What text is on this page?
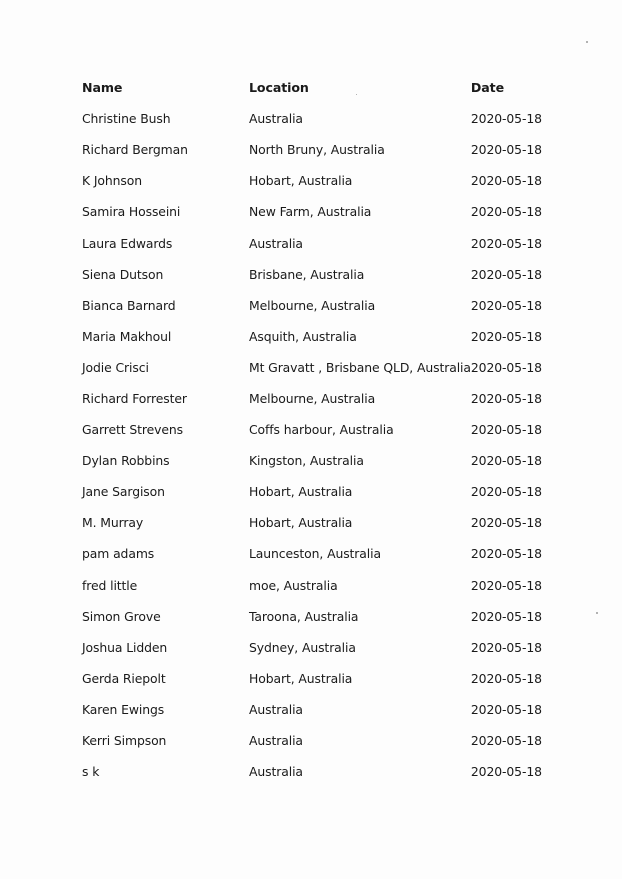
Name	Location	Date
Christine Bush	Australia	2020-05-18
Richard Bergman	North Bruny, Australia	2020-05-18
K Johnson	Hobart, Australia	2020-05-18
Samira Hosseini	New Farm, Australia	2020-05-18
Laura Edwards	Australia	2020-05-18
Siena Dutson	Brisbane, Australia	2020-05-18
Bianca Barnard	Melbourne, Australia	2020-05-18
Maria Makhoul	Asquith, Australia	2020-05-18
Jodie Crisci	Mt Gravatt , Brisbane QLD, Australia	2020-05-18
Richard Forrester	Melbourne, Australia	2020-05-18
Garrett Strevens	Coffs harbour, Australia	2020-05-18
Dylan Robbins	Kingston, Australia	2020-05-18
Jane Sargison	Hobart, Australia	2020-05-18
M. Murray	Hobart, Australia	2020-05-18
pam adams	Launceston, Australia	2020-05-18
fred little	moe, Australia	2020-05-18
Simon Grove	Taroona, Australia	2020-05-18
Joshua Lidden	Sydney, Australia	2020-05-18
Gerda Riepolt	Hobart, Australia	2020-05-18
Karen Ewings	Australia	2020-05-18
Kerri Simpson	Australia	2020-05-18
s k	Australia	2020-05-18
